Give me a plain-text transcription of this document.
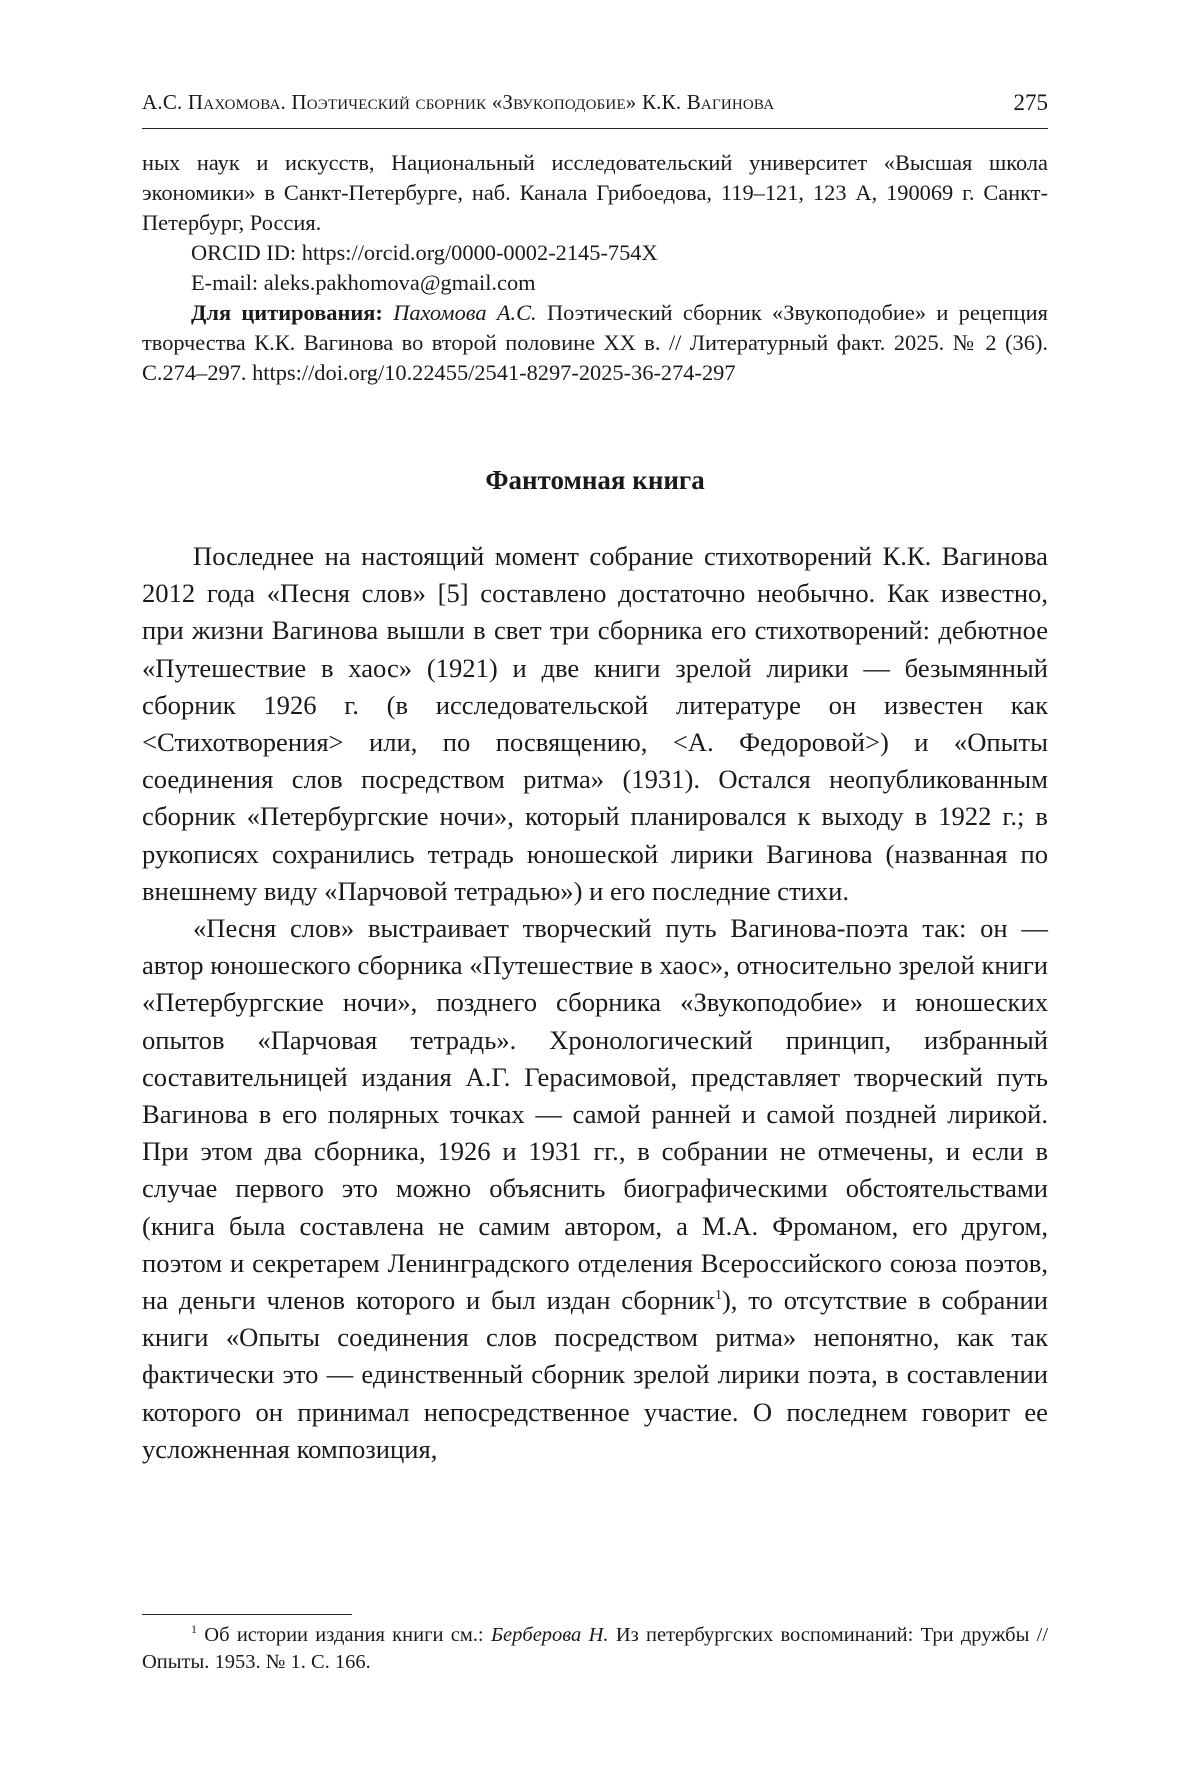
А.С. Пахомова. Поэтический сборник «Звукоподобие» К.К. Вагинова	275

ных наук и искусств, Национальный исследовательский университет «Высшая школа экономики» в Санкт-Петербурге, наб. Канала Грибоедова, 119–121, 123 А, 190069 г. Санкт-Петербург, Россия.

ORCID ID: https://orcid.org/0000-0002-2145-754X

E-mail: aleks.pakhomova@gmail.com

Для цитирования: Пахомова А.С. Поэтический сборник «Звукоподобие» и рецепция творчества К.К. Вагинова во второй половине XX в. // Литературный факт. 2025. № 2 (36). С.274–297. https://doi.org/10.22455/2541-8297-2025-36-274-297

Фантомная книга

Последнее на настоящий момент собрание стихотворений К.К. Вагинова 2012 года «Песня слов» [5] составлено достаточно необычно. Как известно, при жизни Вагинова вышли в свет три сборника его стихотворений: дебютное «Путешествие в хаос» (1921) и две книги зрелой лирики — безымянный сборник 1926 г. (в исследовательской литературе он известен как <Стихотворения> или, по посвящению, <А. Федоровой>) и «Опыты соединения слов посредством ритма» (1931). Остался неопубликованным сборник «Петербургские ночи», который планировался к выходу в 1922 г.; в рукописях сохранились тетрадь юношеской лирики Вагинова (названная по внешнему виду «Парчовой тетрадью») и его последние стихи.

«Песня слов» выстраивает творческий путь Вагинова-поэта так: он — автор юношеского сборника «Путешествие в хаос», относительно зрелой книги «Петербургские ночи», позднего сборника «Звукоподобие» и юношеских опытов «Парчовая тетрадь». Хронологический принцип, избранный составительницей издания А.Г. Герасимовой, представляет творческий путь Вагинова в его полярных точках — самой ранней и самой поздней лирикой. При этом два сборника, 1926 и 1931 гг., в собрании не отмечены, и если в случае первого это можно объяснить биографическими обстоятельствами (книга была составлена не самим автором, а М.А. Фроманом, его другом, поэтом и секретарем Ленинградского отделения Всероссийского союза поэтов, на деньги членов которого и был издан сборник$^1$), то отсутствие в собрании книги «Опыты соединения слов посредством ритма» непонятно, как так фактически это — единственный сборник зрелой лирики поэта, в составлении которого он принимал непосредственное участие. О последнем говорит ее усложненная композиция,

$^1$ Об истории издания книги см.: Берберова Н. Из петербургских воспоминаний: Три дружбы // Опыты. 1953. № 1. С. 166.
